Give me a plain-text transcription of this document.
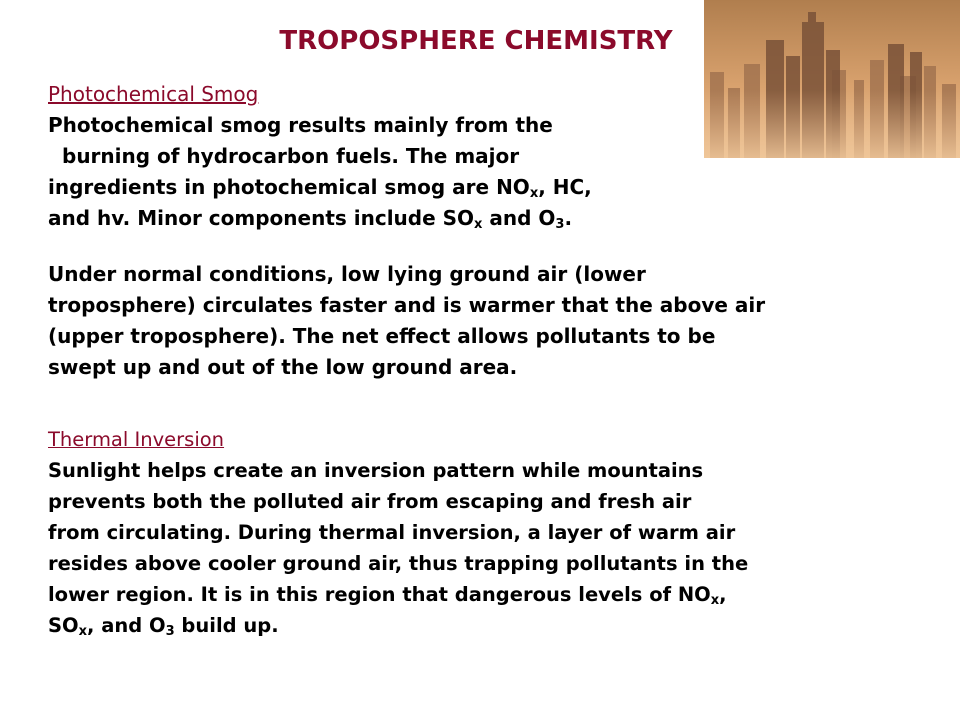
TROPOSPHERE CHEMISTRY
Photochemical Smog
Photochemical smog results mainly from the
burning of hydrocarbon fuels. The major
ingredients in photochemical smog are $NO_x$, HC,
and hv. Minor components include $SO_x$ and $O_3$.
Under normal conditions, low lying ground air (lower
troposphere) circulates faster and is warmer that the above air
(upper troposphere). The net effect allows pollutants to be
swept up and out of the low ground area.
Thermal Inversion
Sunlight helps create an inversion pattern while mountains
prevents both the polluted air from escaping and fresh air
from circulating. During thermal inversion, a layer of warm air
resides above cooler ground air, thus trapping pollutants in the
lower region. It is in this region that dangerous levels of $NO_x$,
$SO_x$, and $O_3$ build up.
